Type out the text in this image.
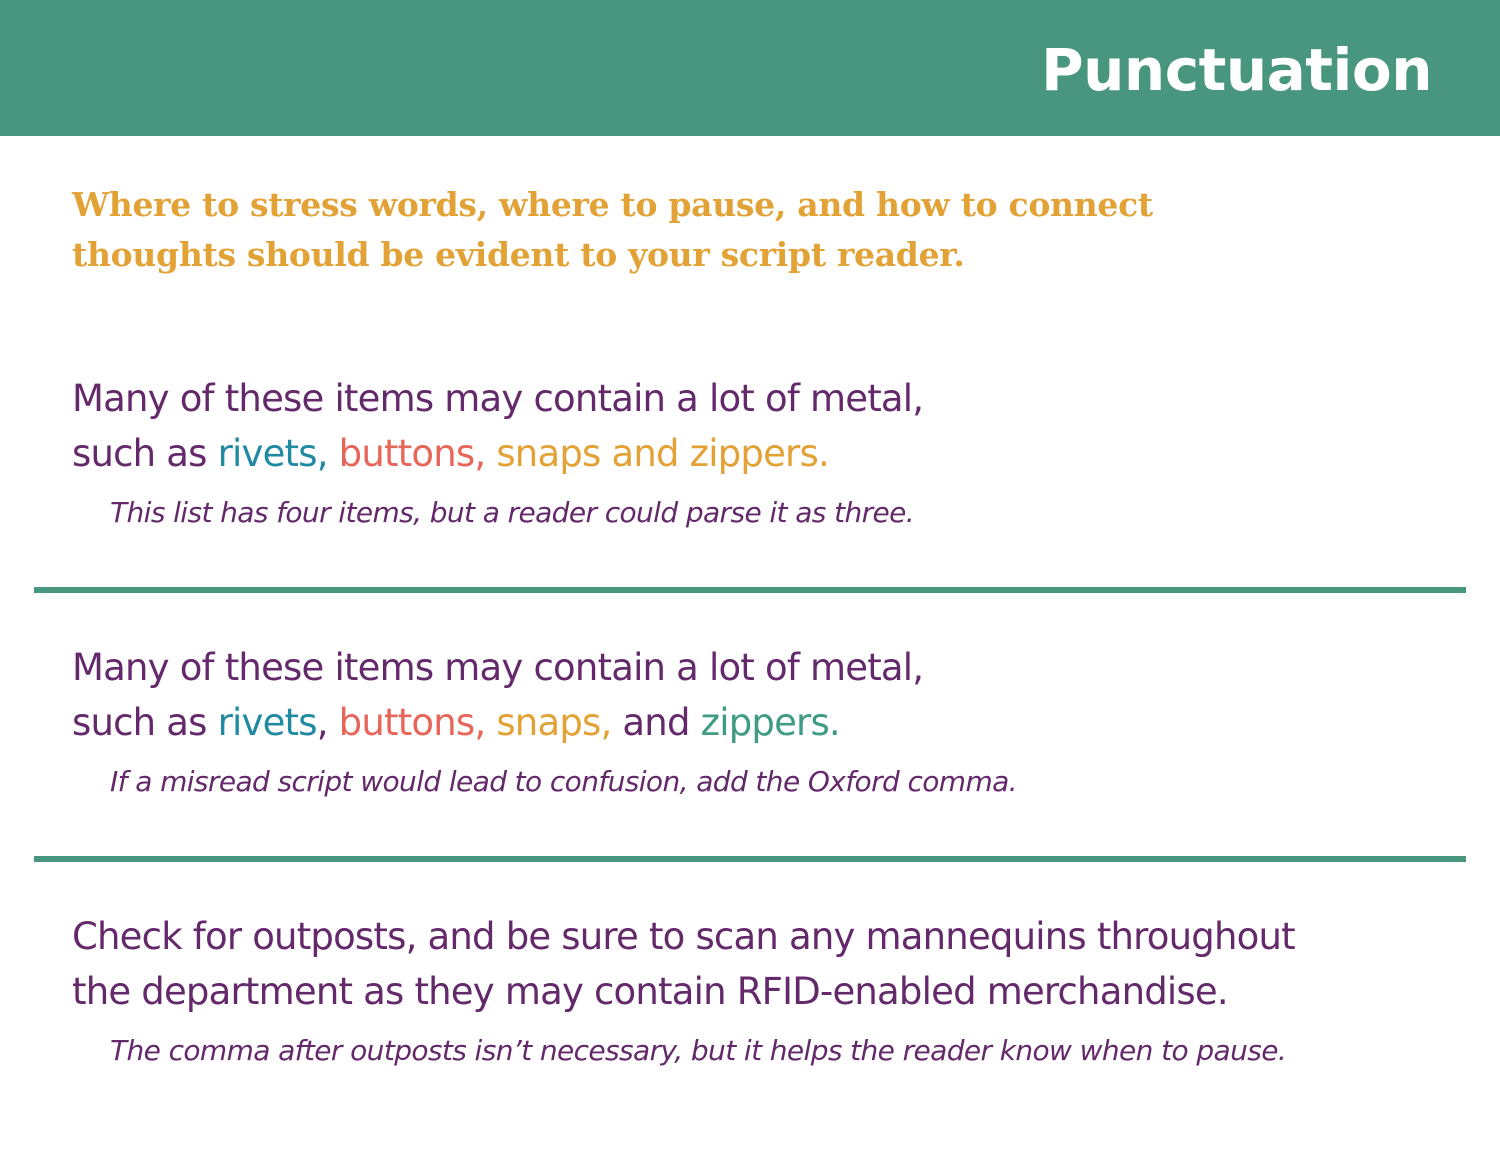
Punctuation
Where to stress words, where to pause, and how to connect
thoughts should be evident to your script reader.

Many of these items may contain a lot of metal,
such as rivets, buttons, snaps and zippers.

This list has four items, but a reader could parse it as three.

Many of these items may contain a lot of metal,
such as rivets, buttons, snaps, and zippers.

If a misread script would lead to confusion, add the Oxford comma.

Check for outposts, and be sure to scan any mannequins throughout
the department as they may contain RFID-enabled merchandise.

The comma after outposts isn’t necessary, but it helps the reader know when to pause.
